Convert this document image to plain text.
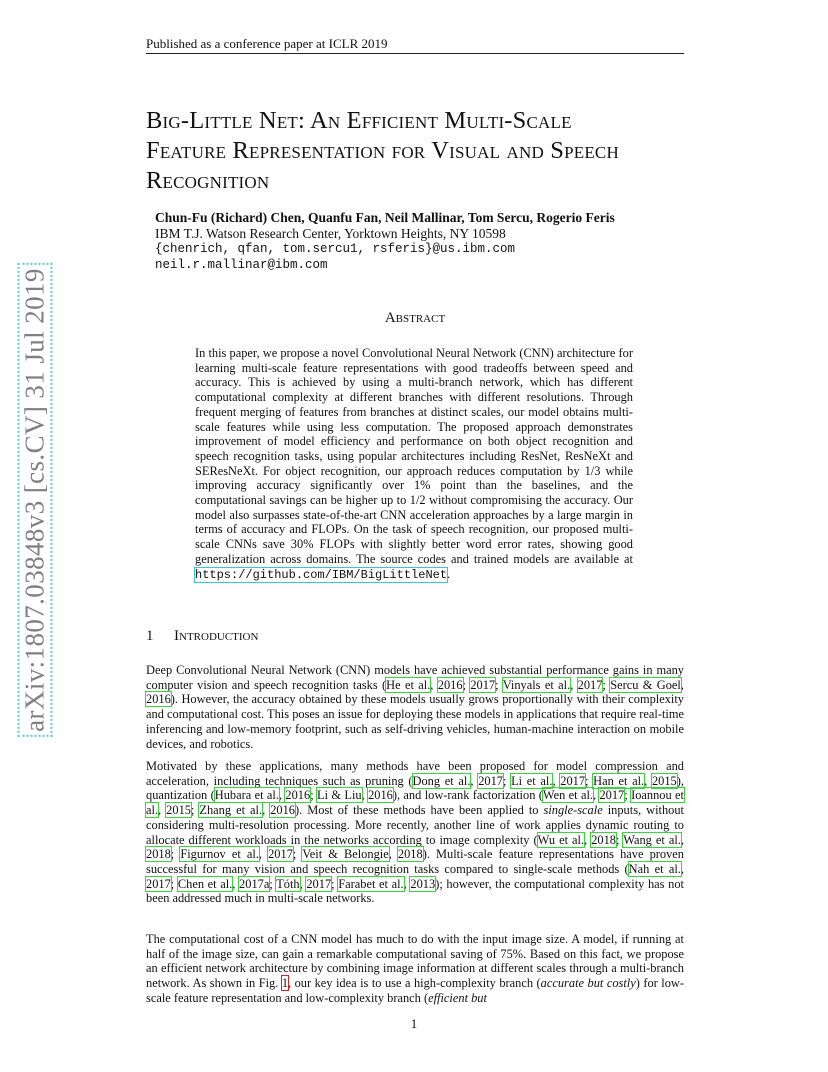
Published as a conference paper at ICLR 2019
Big-Little Net: An Efficient Multi-Scale
Feature Representation for Visual and Speech
Recognition
Chun-Fu (Richard) Chen, Quanfu Fan, Neil Mallinar, Tom Sercu, Rogerio Feris
IBM T.J. Watson Research Center, Yorktown Heights, NY 10598
{chenrich, qfan, tom.sercu1, rsferis}@us.ibm.com
neil.r.mallinar@ibm.com
Abstract
In this paper, we propose a novel Convolutional Neural Network (CNN) architecture for learning multi-scale feature representations with good tradeoffs between speed and accuracy. This is achieved by using a multi-branch network, which has different computational complexity at different branches with different resolutions. Through frequent merging of features from branches at distinct scales, our model obtains multi-scale features while using less computation. The proposed approach demonstrates improvement of model efficiency and performance on both object recognition and speech recognition tasks, using popular architectures including ResNet, ResNeXt and SEResNeXt. For object recognition, our approach reduces computation by 1/3 while improving accuracy significantly over 1% point than the baselines, and the computational savings can be higher up to 1/2 without compromising the accuracy. Our model also surpasses state-of-the-art CNN acceleration approaches by a large margin in terms of accuracy and FLOPs. On the task of speech recognition, our proposed multi-scale CNNs save 30% FLOPs with slightly better word error rates, showing good generalization across domains. The source codes and trained models are available at https://github.com/IBM/BigLittleNet.
1 Introduction
Deep Convolutional Neural Network (CNN) models have achieved substantial performance gains in many computer vision and speech recognition tasks (He et al., 2016; 2017; Vinyals et al., 2017; Sercu & Goel, 2016). However, the accuracy obtained by these models usually grows proportionally with their complexity and computational cost. This poses an issue for deploying these models in applications that require real-time inferencing and low-memory footprint, such as self-driving vehicles, human-machine interaction on mobile devices, and robotics.
Motivated by these applications, many methods have been proposed for model compression and acceleration, including techniques such as pruning (Dong et al., 2017; Li et al., 2017; Han et al., 2015), quantization (Hubara et al., 2016; Li & Liu, 2016), and low-rank factorization (Wen et al., 2017; Ioannou et al., 2015; Zhang et al., 2016). Most of these methods have been applied to single-scale inputs, without considering multi-resolution processing. More recently, another line of work applies dynamic routing to allocate different workloads in the networks according to image complexity (Wu et al., 2018; Wang et al., 2018; Figurnov et al., 2017; Veit & Belongie, 2018). Multi-scale feature representations have proven successful for many vision and speech recognition tasks compared to single-scale methods (Nah et al., 2017; Chen et al., 2017a; Tóth, 2017; Farabet et al., 2013); however, the computational complexity has not been addressed much in multi-scale networks.
The computational cost of a CNN model has much to do with the input image size. A model, if running at half of the image size, can gain a remarkable computational saving of 75%. Based on this fact, we propose an efficient network architecture by combining image information at different scales through a multi-branch network. As shown in Fig. 1, our key idea is to use a high-complexity branch (accurate but costly) for low-scale feature representation and low-complexity branch (efficient but
1
arXiv:1807.03848v3 [cs.CV] 31 Jul 2019
